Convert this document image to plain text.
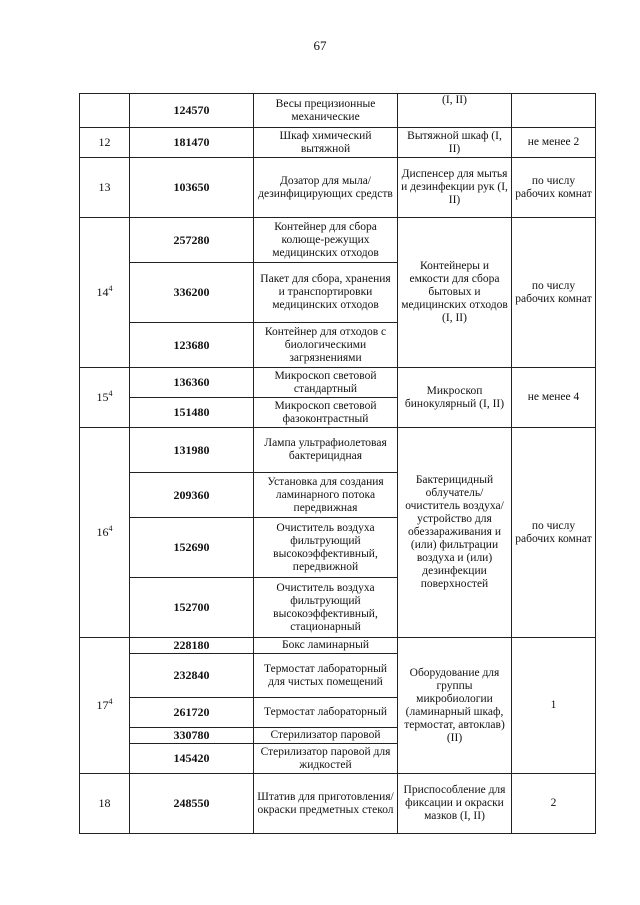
67
	124570	Весы прецизионные механические	(I, II)	
12	181470	Шкаф химический вытяжной	Вытяжной шкаф (I, II)	не менее 2
13	103650	Дозатор для мыла/ дезинфицирующих средств	Диспенсер для мытья и дезинфекции рук (I, II)	по числу рабочих комнат
$14^4$	257280	Контейнер для сбора колюще-режущих медицинских отходов	Контейнеры и емкости для сбора бытовых и медицинских отходов (I, II)	по числу рабочих комнат
	336200	Пакет для сбора, хранения и транспортировки медицинских отходов		
	123680	Контейнер для отходов с биологическими загрязнениями		
$15^4$	136360	Микроскоп световой стандартный	Микроскоп бинокулярный (I, II)	не менее 4
	151480	Микроскоп световой фазоконтрастный		
$16^4$	131980	Лампа ультрафиолетовая бактерицидная	Бактерицидный облучатель/ очиститель воздуха/ устройство для обеззараживания и (или) фильтрации воздуха и (или) дезинфекции поверхностей	по числу рабочих комнат
	209360	Установка для создания ламинарного потока передвижная		
	152690	Очиститель воздуха фильтрующий высокоэффективный, передвижной		
	152700	Очиститель воздуха фильтрующий высокоэффективный, стационарный		
$17^4$	228180	Бокс ламинарный	Оборудование для группы микробиологии (ламинарный шкаф, термостат, автоклав) (II)	1
	232840	Термостат лабораторный для чистых помещений		
	261720	Термостат лабораторный		
	330780	Стерилизатор паровой		
	145420	Стерилизатор паровой для жидкостей		
18	248550	Штатив для приготовления/окраски предметных стекол	Приспособление для фиксации и окраски мазков (I, II)	2
